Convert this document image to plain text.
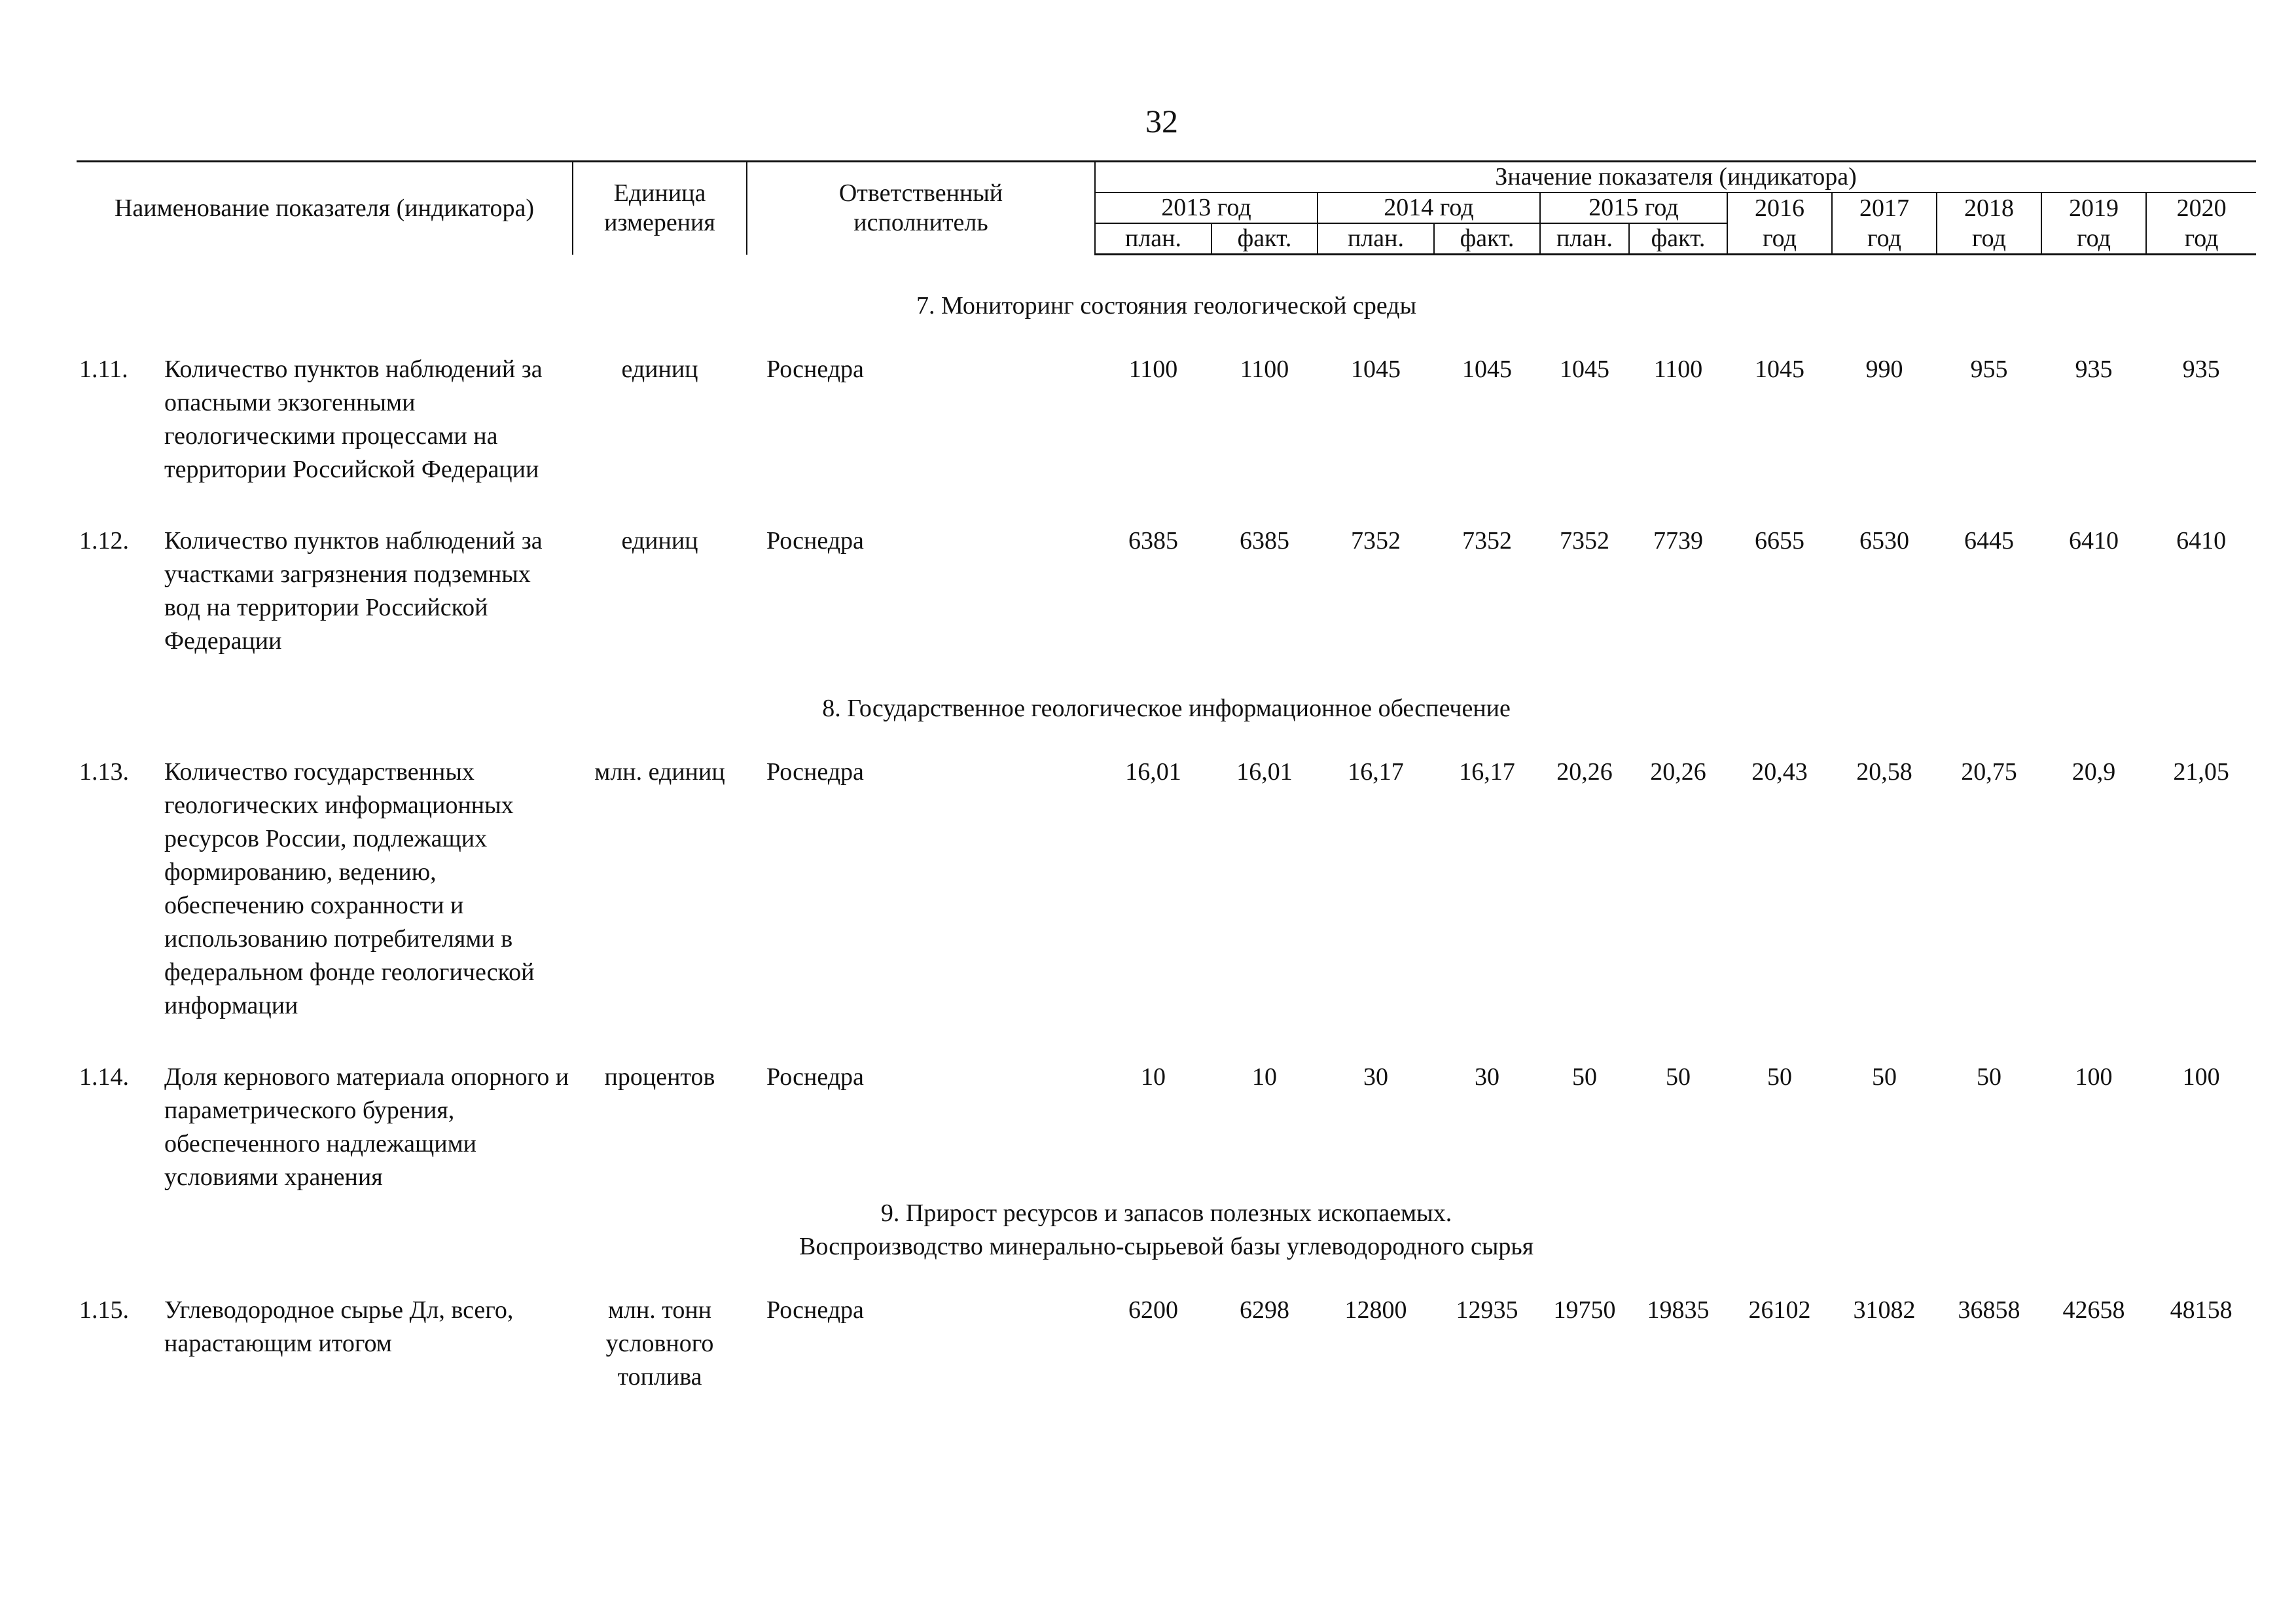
32
Наименование показателя (индикатора)	Единица
измерения	Ответственный
исполнитель	Значение показателя (индикатора)										
			2013 год		2014 год		2015 год		2016	2017	2018	2019	2020
			план.	факт.	план.	факт.	план.	факт.	год	год	год	год	год
7. Мониторинг состояния геологической среды													

1.11. Количество пунктов наблюдений за опасными экзогенными геологическими процессами на территории Российской Федерации	единиц	Роснедра	1100	1100	1045	1045	1045	1100	1045	990	955	935	935

1.12. Количество пунктов наблюдений за участками загрязнения подземных вод на территории Российской Федерации	единиц	Роснедра	6385	6385	7352	7352	7352	7739	6655	6530	6445	6410	6410
8. Государственное геологическое информационное обеспечение													

1.13. Количество государственных геологических информационных ресурсов России, подлежащих формированию, ведению, обеспечению сохранности и использованию потребителями в федеральном фонде геологической информации	млн. единиц	Роснедра	16,01	16,01	16,17	16,17	20,26	20,26	20,43	20,58	20,75	20,9	21,05

1.14. Доля кернового материала опорного и параметрического бурения, обеспеченного надлежащими условиями хранения	процентов	Роснедра	10	10	30	30	50	50	50	50	50	100	100
9. Прирост ресурсов и запасов полезных ископаемых.
Воспроизводство минерально-сырьевой базы углеводородного сырья													

1.15. Углеводородное сырье Дл, всего, нарастающим итогом	млн. тонн условного топлива	Роснедра	6200	6298	12800	12935	19750	19835	26102	31082	36858	42658	48158
